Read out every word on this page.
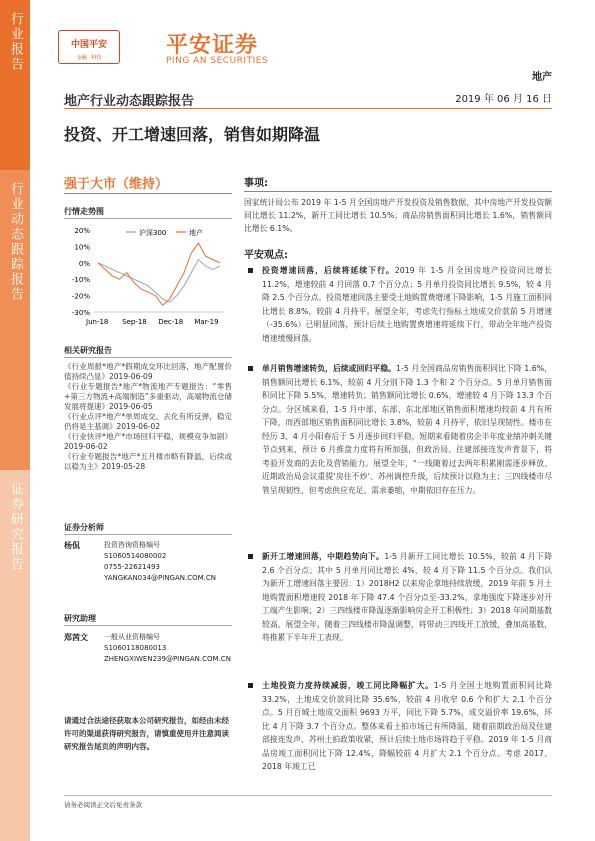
行业报告
行业动态跟踪报告
证券研究报告
中国平安
金融 · 科技	平安证券
PING AN SECURITIES
地产
地产行业动态跟踪报告	2019 年 06 月 16 日
投资、开工增速回落，销售如期降温
强于大市（维持）
行情走势图
20%
10%
0%
-10%
-20%
-30%
Jun-18 Sep-18 Dec-18 Mar-19
沪深300	地产
相关研究报告
《行业周报*地产*假期成交环比回落，地产配置价值持续凸显》2019-06-09
《行业专题报告*地产*物流地产专题报告：“零售+第三方物流+高端制造”多重驱动，高端物流仓储发展将提速》2019-06-05
《行业点评*地产*单周成交、去化有所反弹，稳定仍将是主基调》2019-06-02
《行业快评*地产*市场回归平稳，规模竞争加剧》2019-06-02
《行业专题报告*地产*五月楼市略有降温，后续或以稳为主》2019-05-28
证券分析师
杨侃	投资咨询资格编号
S1060514080002
0755-22621493
YANGKAN034@PINGAN.COM.CN
研究助理
郑茜文 一般从业资格编号
S1060118080013
ZHENGXIWEN239@PINGAN.COM.CN
请通过合法途径获取本公司研究报告，如经由未经许可的渠道获得研究报告，请慎重使用并注意阅读研究报告尾页的声明内容。
事项:
国家统计局公布 2019 年 1-5 月全国房地产开发投资及销售数据，其中房地产开发投资额同比增长 11.2%，新开工同比增长 10.5%；商品房销售面积同比增长 1.6%，销售额同比增长 6.1%。
平安观点:
投资增速回落，后续将延续下行。2019 年 1-5 月全国房地产投资同比增长 11.2%，增速较前 4 月回落 0.7 个百分点；5 月单月投资同比增长 9.5%，较 4 月降 2.5 个百分点。投资增速回落主要受土地购置费增速下降影响，1-5 月施工面积同比增长 8.8%，较前 4 月持平。展望全年，考虑先行指标土地成交价款前 5 月增速（-35.6%）已明显回落，预计后续土地购置费增速将延续下行，带动全年地产投资增速缓慢回落。
单月销售增速转负，后续或回归平稳。1-5 月全国商品房销售面积同比下降 1.6%，销售额同比增长 6.1%，较前 4 月分别下降 1.3 个和 2 个百分点。5 月单月销售面积同比下降 5.5%，增速转负；销售额同比增长 0.6%，增速较 4 月下降 13.3 个百分点。分区域来看，1-5 月中部、东部、东北部地区销售面积增速均较前 4 月有所下降，而西部地区销售面积同比增长 3.8%，较前 4 月持平，依旧呈现韧性。楼市在经历 3、4 月小阳春后于 5 月逐步回归平稳，短期来看随着房企半年度业绩冲刺关键节点到来，预计 6 月推盘力度将有所加强，但政治局、住建部接连发声背景下，将考验开发商的去化及营销能力。展望全年，“一线随着过去两年积累刚需逐步释放、近期政治局会议重提‘房住不炒’、苏州调控升级，后续预计以稳为主；三四线楼市尽管呈现韧性，但考虑供应充足、需求萎缩，中期依旧存在压力。
新开工增速回落，中期趋势向下。1-5 月新开工同比增长 10.5%，较前 4 月下降 2.6 个百分点；其中 5 月单月同比增长 4%，较 4 月下降 11.5 个百分点。我们认为新开工增速回落主要因：1）2018H2 以来房企拿地持续放缓，2019 年前 5 月土地购置面积增速较 2018 年下降 47.4 个百分点至-33.2%，拿地强度下降逐步对开工端产生影响；2）三四线楼市降温逐渐影响房企开工积极性；3）2018 年同期基数较高。展望全年，随着三四线楼市降温调整，将带动三四线开工放缓，叠加高基数，将推累下半年开工表现。
土地投资力度持续减弱，竣工同比降幅扩大。1-5 月全国土地购置面积同比降 33.2%，土地成交价款同比降 35.6%，较前 4 月收窄 0.6 个和扩大 2.1 个百分点。5 月百城土地成交面积 9693 万平，同比下降 5.7%，成交溢价率 19.6%，环比 4 月下降 3.7 个百分点。整体来看土拍市场已有所降温，随着前期政治局及住建部接连发声、苏州土拍政策收紧，预计后续土地市场将趋于平稳。2019 年 1-5 月商品房竣工面积同比下降 12.4%，降幅较前 4 月扩大 2.1 个百分点。考虑 2017、2018 年竣工已
请务必阅读正文后免责条款
